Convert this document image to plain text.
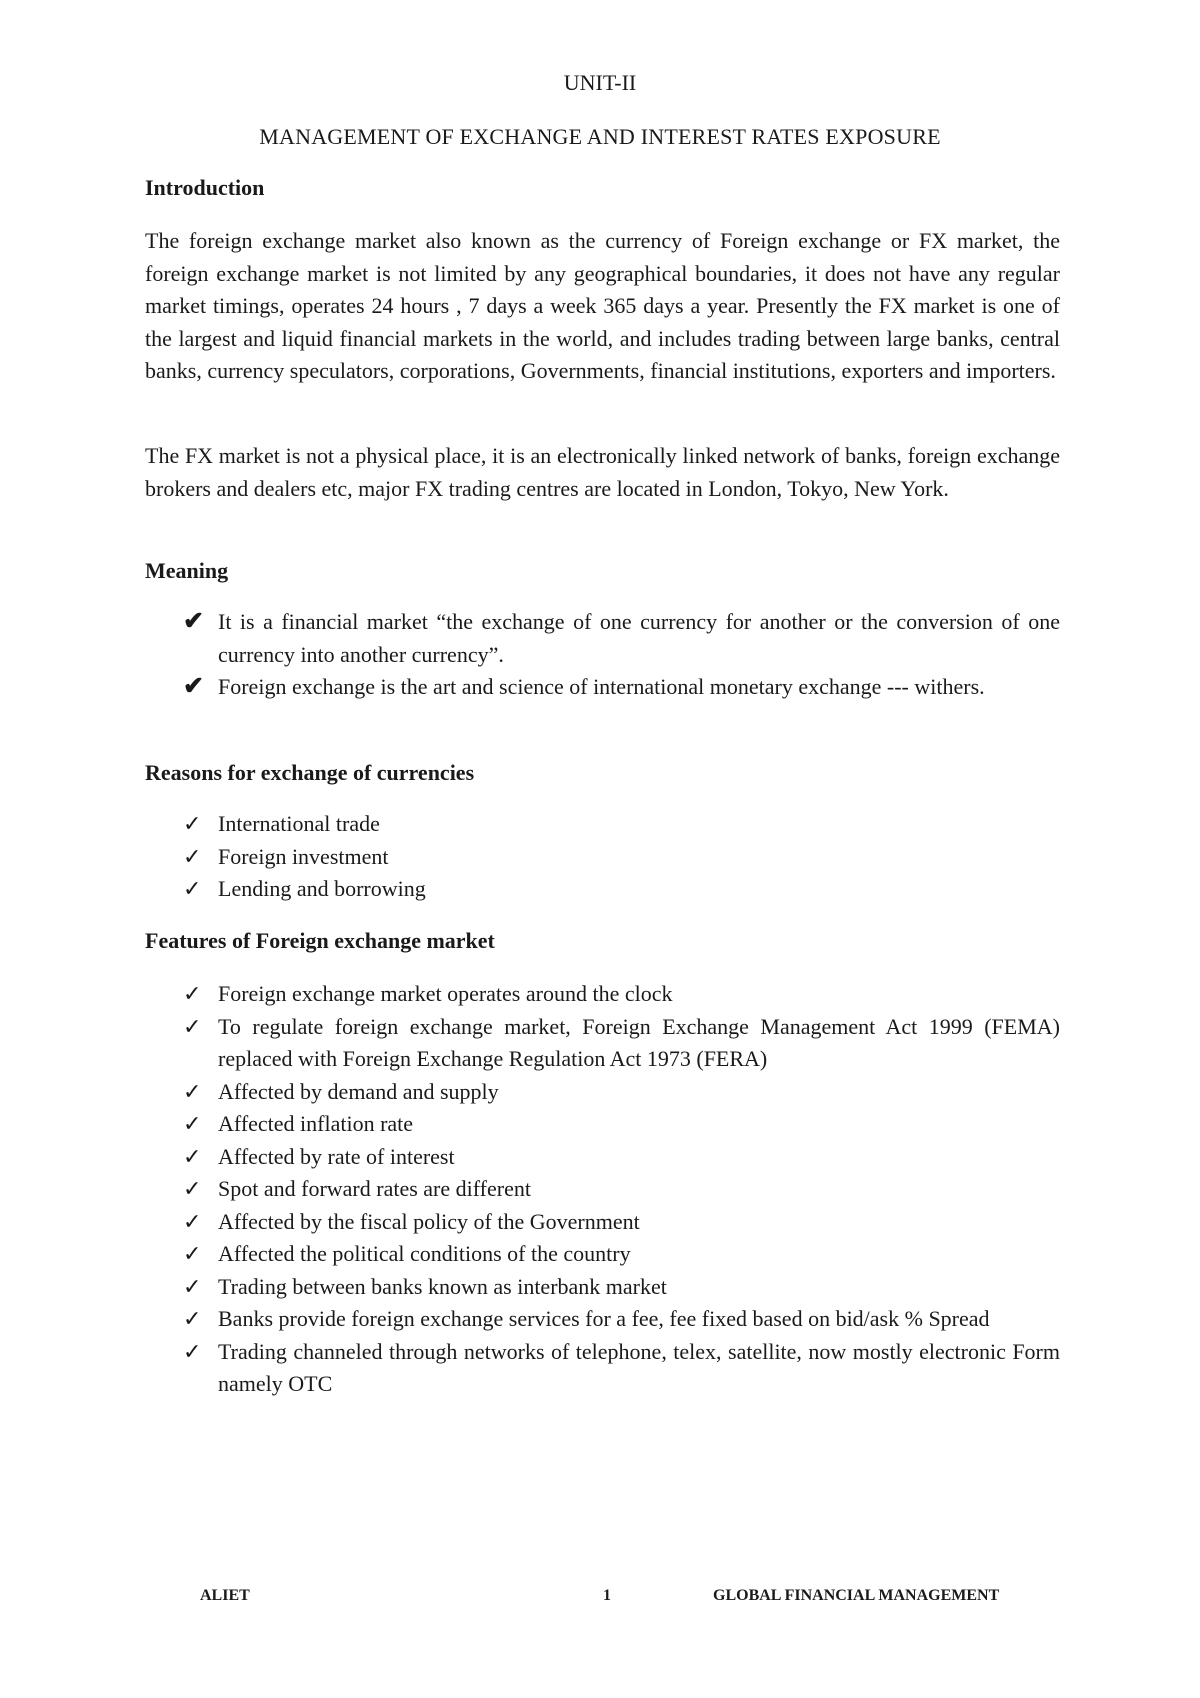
UNIT-II
MANAGEMENT OF EXCHANGE AND INTEREST RATES EXPOSURE

Introduction

The foreign exchange market also known as the currency of Foreign exchange or FX market, the foreign exchange market is not limited by any geographical boundaries, it does not have any regular market timings, operates 24 hours , 7 days a week 365 days a year. Presently the FX market is one of the largest and liquid financial markets in the world, and includes trading between large banks, central banks, currency speculators, corporations, Governments, financial institutions, exporters and importers.

The FX market is not a physical place, it is an electronically linked network of banks, foreign exchange brokers and dealers etc, major FX trading centres are located in London, Tokyo, New York.

Meaning

✔ It is a financial market “the exchange of one currency for another or the conversion of one currency into another currency”.
✔ Foreign exchange is the art and science of international monetary exchange --- withers.

Reasons for exchange of currencies

✓ International trade
✓ Foreign investment
✓ Lending and borrowing

Features of Foreign exchange market

✓ Foreign exchange market operates around the clock
✓ To regulate foreign exchange market, Foreign Exchange Management Act 1999 (FEMA) replaced with Foreign Exchange Regulation Act 1973 (FERA)
✓ Affected by demand and supply
✓ Affected inflation rate
✓ Affected by rate of interest
✓ Spot and forward rates are different
✓ Affected by the fiscal policy of the Government
✓ Affected the political conditions of the country
✓ Trading between banks known as interbank market
✓ Banks provide foreign exchange services for a fee, fee fixed based on bid/ask % Spread
✓ Trading channeled through networks of telephone, telex, satellite, now mostly electronic Form namely OTC
ALIET	1	GLOBAL FINANCIAL MANAGEMENT
